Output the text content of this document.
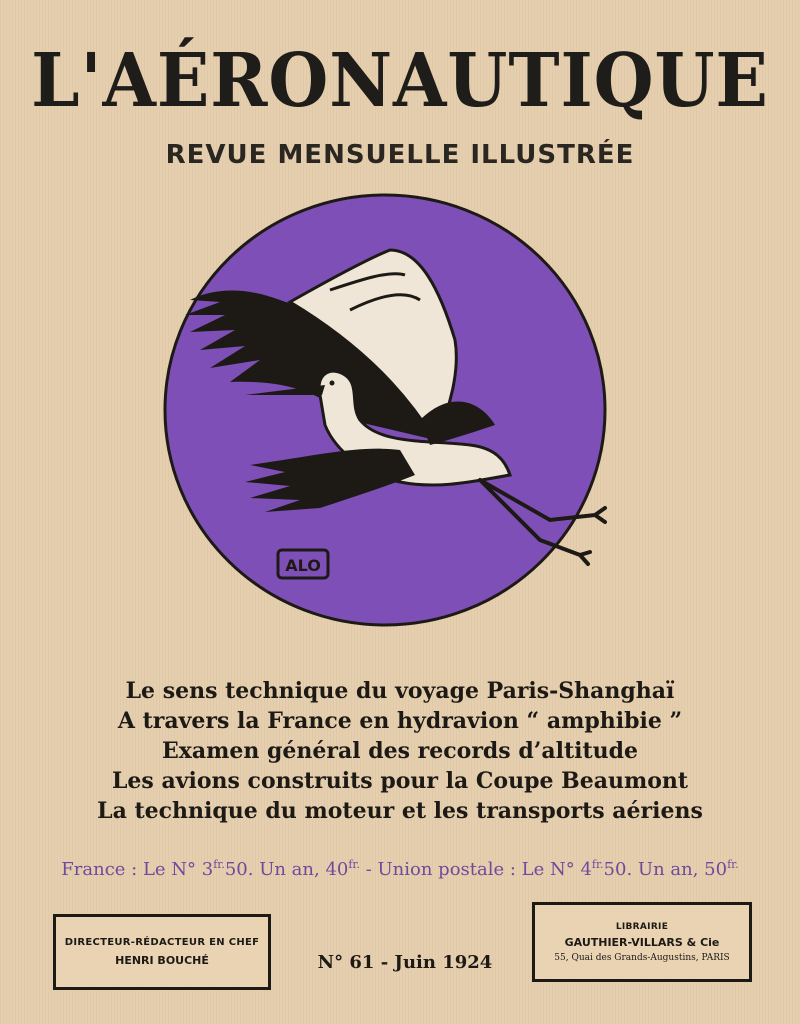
L'AÉRONAUTIQUE
REVUE MENSUELLE ILLUSTRÉE
ALO
Le sens technique du voyage Paris-Shanghaï
A travers la France en hydravion “ amphibie ”
Examen général des records d’altitude
Les avions construits pour la Coupe Beaumont
La technique du moteur et les transports aériens
France : Le N° $3^{fr.}50$. Un an, $40^{fr.}$ - Union postale : Le N° $4^{fr.}50$. Un an, $50^{fr.}$
DIRECTEUR-RÉDACTEUR EN CHEF
HENRI BOUCHÉ	N° 61 - Juin 1924
LIBRAIRIE
GAUTHIER-VILLARS & Cie
55, Quai des Grands-Augustins, PARIS
